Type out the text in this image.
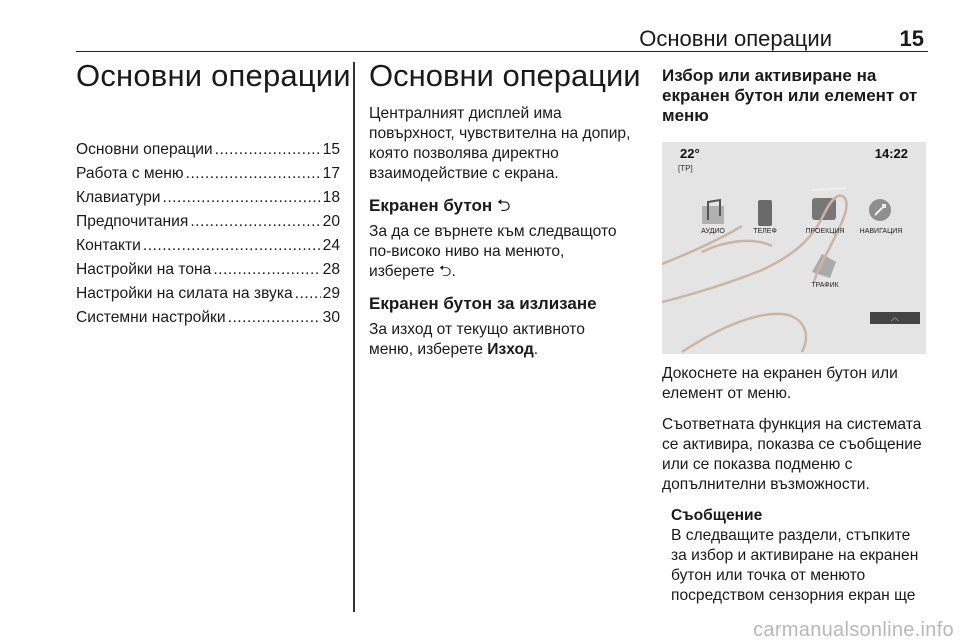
Основни операции	15
Основни операции
Основни операции .....	15
Работа с меню .....	17
Клавиатури .....	18
Предпочитания .....	20
Контакти .....	24
Настройки на тона .....	28
Настройки на силата на звука ..... 29
Системни настройки .....	30
Основни операции

Централният дисплей има повърхност, чувствителна на допир, която позволява директно взаимодействие с екрана.

Екранен бутон ⮌

За да се върнете към следващото по-високо ниво на менюто, изберете ⮌.

Екранен бутон за излизане

За изход от текущо активното меню, изберете Изход.

Избор или активиране на екранен бутон или елемент от меню
22°
[TP]
14:22
АУДИО	ТЕЛЕФ	ПРОЕКЦИЯ	НАВИГАЦИЯ
ТРАФИК
︿

Докоснете на екранен бутон или елемент от меню.

Съответната функция на системата се активира, показва се съобщение или се показва подменю с допълнителни възможности.

Съобщение

В следващите раздели, стъпките за избор и активиране на екранен бутон или точка от менюто посредством сензорния екран ще

carmanualsonline.info
